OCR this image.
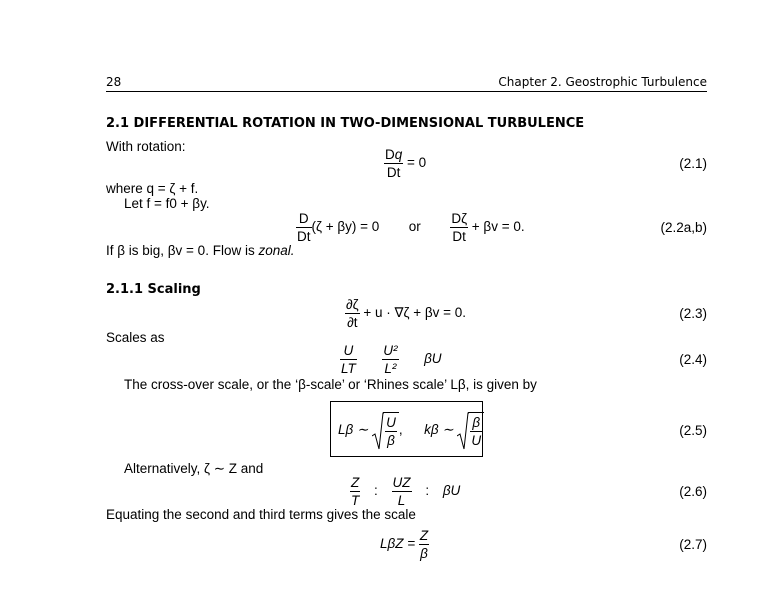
28	Chapter 2. Geostrophic Turbulence
2.1 DIFFERENTIAL ROTATION IN TWO-DIMENSIONAL TURBULENCE
With rotation:	$\frac{Dq}{Dt} = 0$	(2.1)
where q = ζ + f.
Let f = f0 + βy.
$\frac{D}{Dt} (\zeta + \beta y) = 0$ or $\frac{D\zeta}{Dt} + \beta v = 0$.	(2.2a,b)
If β is big, βv = 0. Flow is zonal.
2.1.1 Scaling
$\frac{\partial\zeta}{\partial t} + u \cdot \nabla\zeta + \beta v = 0$.	(2.3)
Scales as
$\frac{U}{LT}$
$\frac{\text{U²}}{\text{L²}}$ βU	(2.4)
The cross-over scale, or the ‘β-scale’ or ‘Rhines scale’ Lβ, is given by
Lβ ∼ $\frac{U}{\beta}$ ,  kβ ∼ $\frac{\beta}{U}$	(2.5)
Alternatively, ζ ∼ Z and
$\frac{Z}{T}$ : $\frac{UZ}{L}$ : βU	(2.6)
Equating the second and third terms gives the scale
$L\beta Z = \frac{Z}{\beta}$	(2.7)
